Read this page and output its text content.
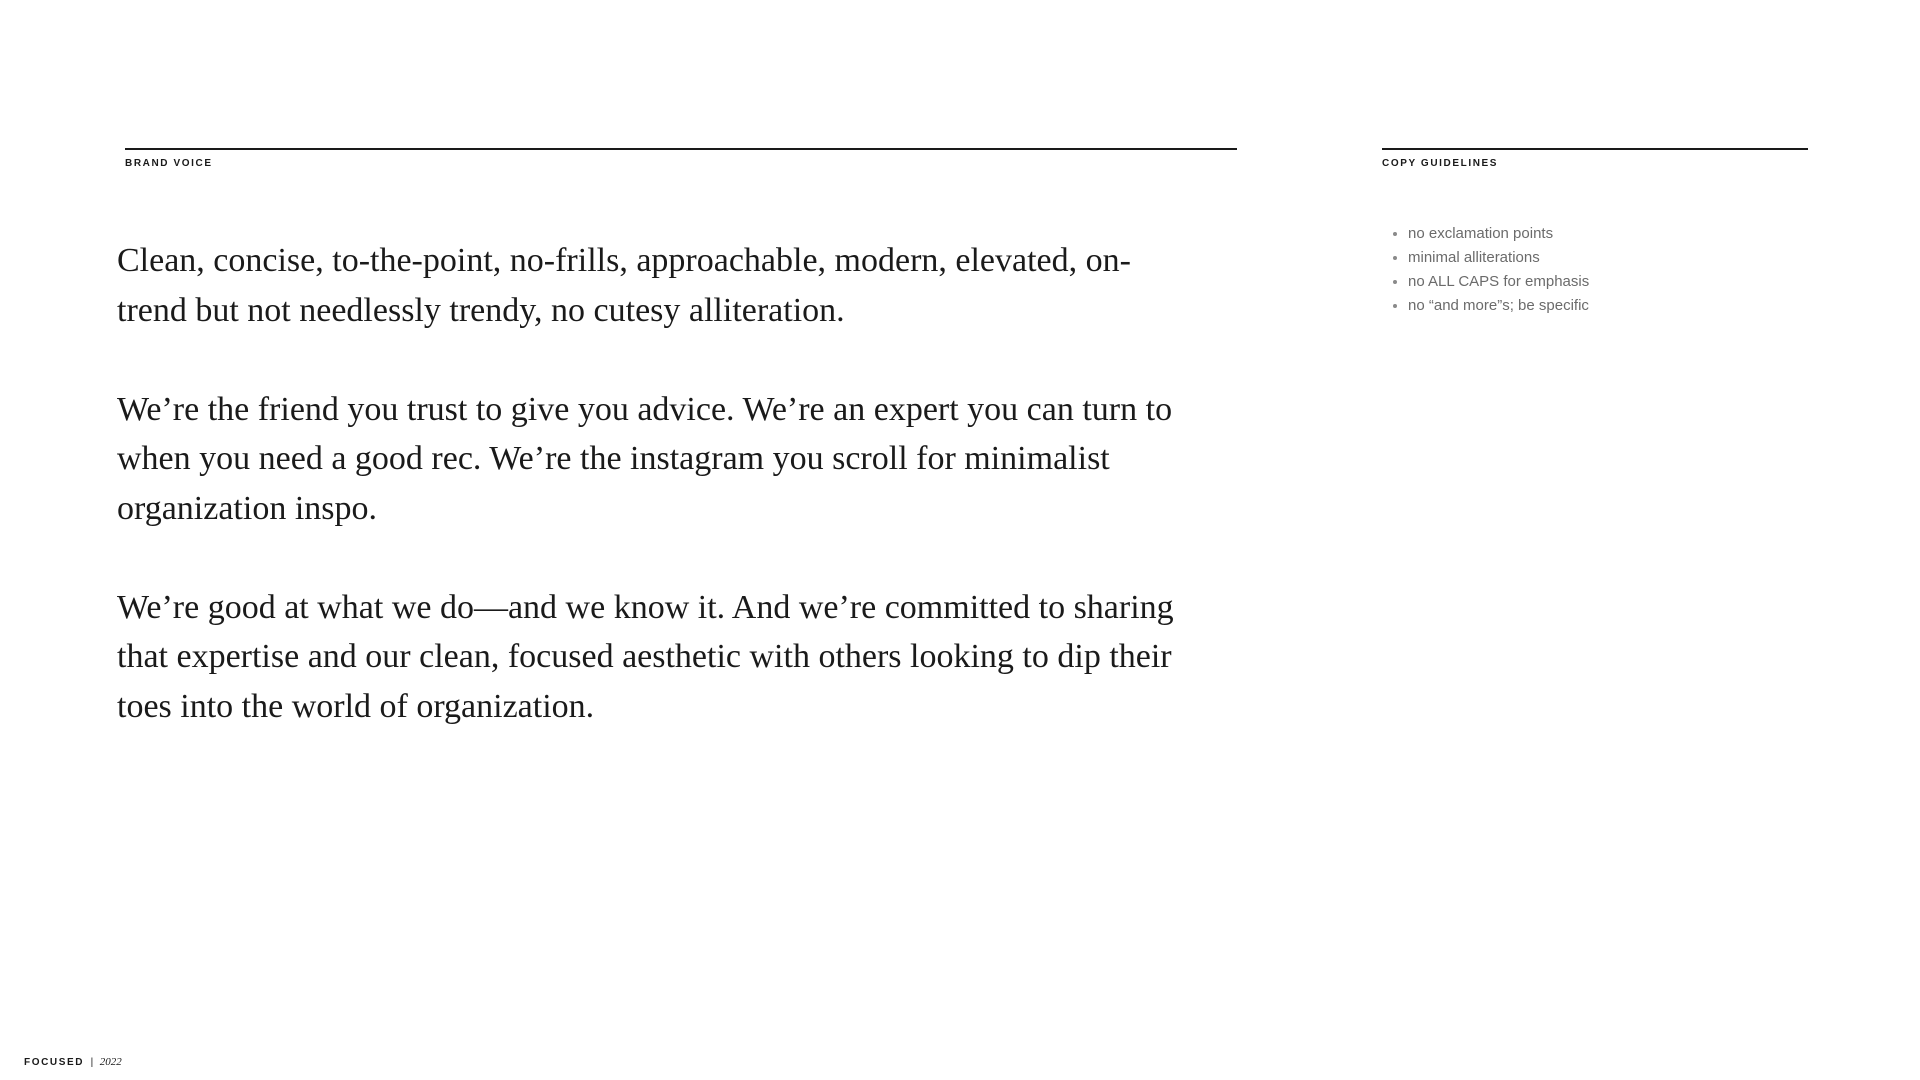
BRAND VOICE

Clean, concise, to-the-point, no-frills, approachable, modern, elevated, on-trend but not needlessly trendy, no cutesy alliteration.

We’re the friend you trust to give you advice. We’re an expert you can turn to when you need a good rec. We’re the instagram you scroll for minimalist organization inspo.

We’re good at what we do—and we know it. And we’re committed to sharing that expertise and our clean, focused aesthetic with others looking to dip their toes into the world of organization.

COPY GUIDELINES
no exclamation points
minimal alliterations
no ALL CAPS for emphasis
no “and more”s; be specific
FOCUSED | 2022
